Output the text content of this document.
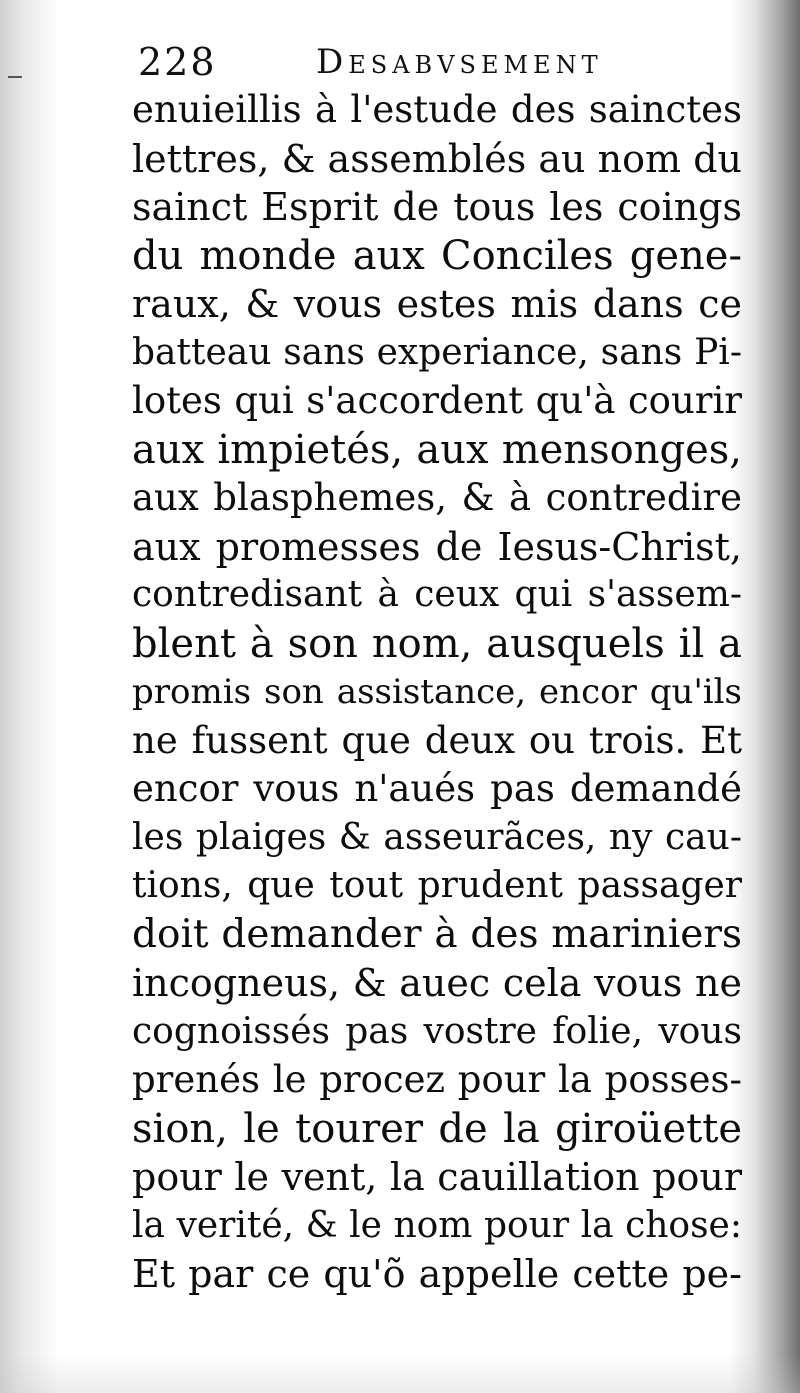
228	Desabvsement
enuieillis à l'estude des sainctes
lettres, & assemblés au nom du
sainct Esprit de tous les coings
du monde aux Conciles gene-
raux, & vous estes mis dans ce
batteau sans experiance, sans Pi-
lotes qui s'accordent qu'à courir
aux impietés, aux mensonges,
aux blasphemes, & à contredire
aux promesses de Iesus-Christ,
contredisant à ceux qui s'assem-
blent à son nom, ausquels il a
promis son assistance, encor qu'ils
ne fussent que deux ou trois. Et
encor vous n'aués pas demandé
les plaiges & asseurãces, ny cau-
tions, que tout prudent passager
doit demander à des mariniers
incogneus, & auec cela vous ne
cognoissés pas vostre folie, vous
prenés le procez pour la posses-
sion, le tourer de la giroüette
pour le vent, la cauillation pour
la verité, & le nom pour la chose:
Et par ce qu'õ appelle cette pe-
